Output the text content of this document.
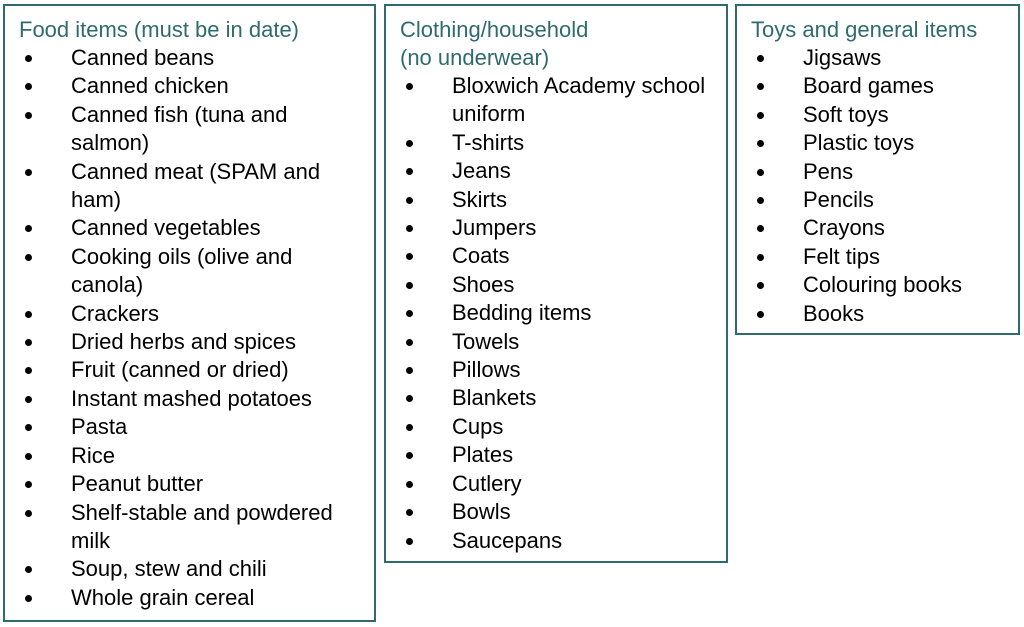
Food items (must be in date)
Canned beans
Canned chicken
Canned fish (tuna and salmon)
Canned meat (SPAM and ham)
Canned vegetables
Cooking oils (olive and canola)
Crackers
Dried herbs and spices
Fruit (canned or dried)
Instant mashed potatoes
Pasta
Rice
Peanut butter
Shelf-stable and powdered milk
Soup, stew and chili
Whole grain cereal
Clothing/household
(no underwear)
Bloxwich Academy school uniform
T-shirts
Jeans
Skirts
Jumpers
Coats
Shoes
Bedding items
Towels
Pillows
Blankets
Cups
Plates
Cutlery
Bowls
Saucepans
Toys and general items
Jigsaws
Board games
Soft toys
Plastic toys
Pens
Pencils
Crayons
Felt tips
Colouring books
Books
